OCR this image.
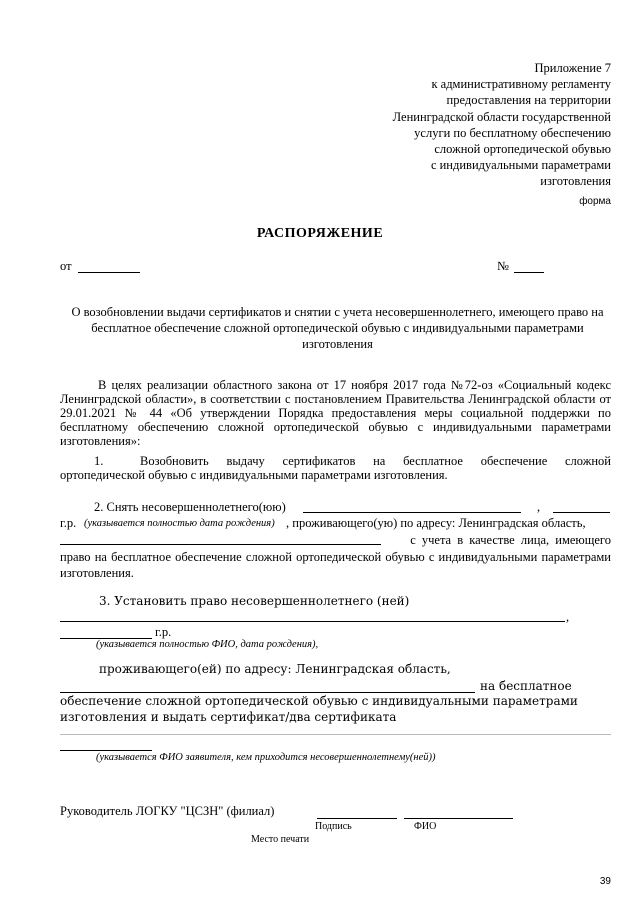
Приложение 7
к административному регламенту
предоставления на территории
Ленинградской области государственной
услуги по бесплатному обеспечению
сложной ортопедической обувью
с индивидуальными параметрами
изготовления
форма
РАСПОРЯЖЕНИЕ
от	№
О возобновлении выдачи сертификатов и снятии с учета несовершеннолетнего, имеющего право на бесплатное обеспечение сложной ортопедической обувью с индивидуальными параметрами изготовления
В целях реализации областного закона от 17 ноября 2017 года №72-оз «Социальный кодекс Ленинградской области», в соответствии с постановлением Правительства Ленинградской области от 29.01.2021 № 44 «Об утверждении Порядка предоставления меры социальной поддержки по бесплатному обеспечению сложной ортопедической обувью с индивидуальными параметрами изготовления»:
1.	Возобновить выдачу сертификатов на бесплатное обеспечение сложной ортопедической обувью с индивидуальными параметрами изготовления.
2. Снять несовершеннолетнего(юю)	,
г.р. (указывается полностью дата рождения) , проживающего(ую) по адресу: Ленинградская область,
с учета в качестве лица, имеющего
право на бесплатное обеспечение сложной ортопедической обувью с индивидуальными параметрами изготовления.
3. Установить право несовершеннолетнего (ней)
,
г.р.
(указывается полностью ФИО, дата рождения),
проживающего(ей) по адресу: Ленинградская область,
на бесплатное
обеспечение сложной ортопедической обувью с индивидуальными параметрами
изготовления и выдать сертификат/два сертификата
(указывается ФИО заявителя, кем приходится несовершеннолетнему(ней))
Руководитель ЛОГКУ "ЦСЗН" (филиал)
Подпись	ФИО
Место печати
39
